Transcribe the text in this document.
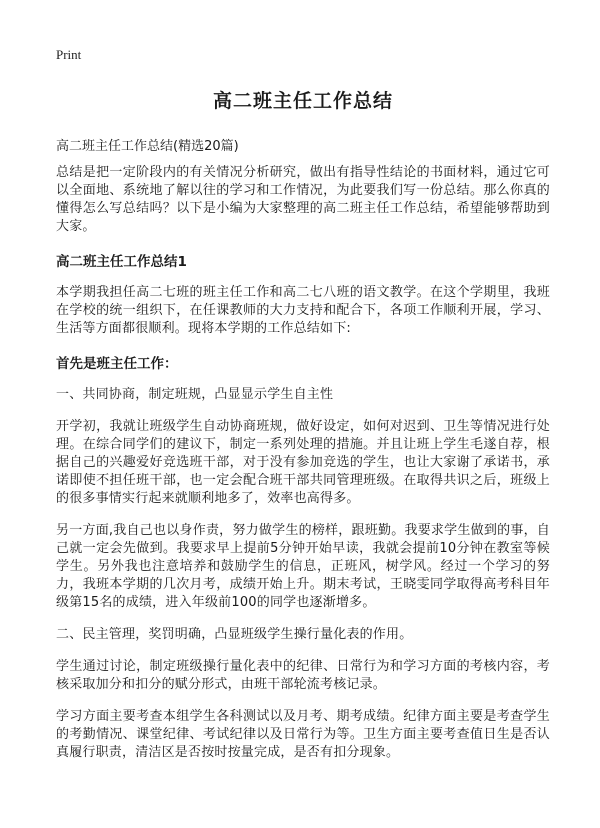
Print
高二班主任工作总结
高二班主任工作总结(精选20篇)

总结是把一定阶段内的有关情况分析研究，做出有指导性结论的书面材料，通过它可以全面地、系统地了解以往的学习和工作情况，为此要我们写一份总结。那么你真的懂得怎么写总结吗？以下是小编为大家整理的高二班主任工作总结，希望能够帮助到大家。

高二班主任工作总结1

本学期我担任高二七班的班主任工作和高二七八班的语文教学。在这个学期里，我班在学校的统一组织下，在任课教师的大力支持和配合下，各项工作顺利开展，学习、生活等方面都很顺利。现将本学期的工作总结如下:

首先是班主任工作：

一、共同协商，制定班规，凸显显示学生自主性

开学初，我就让班级学生自动协商班规，做好设定，如何对迟到、卫生等情况进行处理。在综合同学们的建议下，制定一系列处理的措施。并且让班上学生毛遂自荐，根据自己的兴趣爱好竞选班干部，对于没有参加竞选的学生，也让大家谢了承诺书，承诺即使不担任班干部，也一定会配合班干部共同管理班级。在取得共识之后，班级上的很多事情实行起来就顺利地多了，效率也高得多。

另一方面,我自己也以身作责，努力做学生的榜样，跟班勤。我要求学生做到的事，自己就一定会先做到。我要求早上提前5分钟开始早读，我就会提前10分钟在教室等候学生。另外我也注意培养和鼓励学生的信息，正班风，树学风。经过一个学习的努力，我班本学期的几次月考，成绩开始上升。期末考试，王晓雯同学取得高考科目年级第15名的成绩，进入年级前100的同学也逐渐增多。

二、民主管理，奖罚明确，凸显班级学生操行量化表的作用。

学生通过讨论，制定班级操行量化表中的纪律、日常行为和学习方面的考核内容，考核采取加分和扣分的赋分形式，由班干部轮流考核记录。

学习方面主要考查本组学生各科测试以及月考、期考成绩。纪律方面主要是考查学生的考勤情况、课堂纪律、考试纪律以及日常行为等。卫生方面主要考查值日生是否认真履行职责，清洁区是否按时按量完成，是否有扣分现象。
